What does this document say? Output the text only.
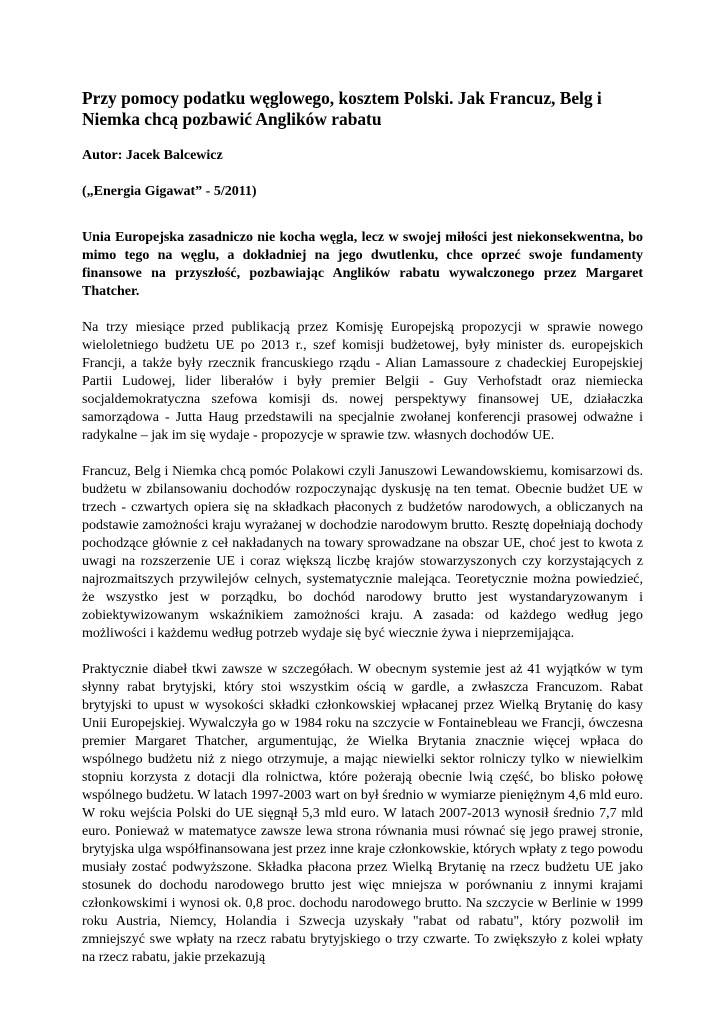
Przy pomocy podatku węglowego, kosztem Polski. Jak Francuz, Belg i Niemka chcą pozbawić Anglików rabatu

Autor: Jacek Balcewicz

(„Energia Gigawat” - 5/2011)

Unia Europejska zasadniczo nie kocha węgla, lecz w swojej miłości jest niekonsekwentna, bo mimo tego na węglu, a dokładniej na jego dwutlenku, chce oprzeć swoje fundamenty finansowe na przyszłość, pozbawiając Anglików rabatu wywalczonego przez Margaret Thatcher.

Na trzy miesiące przed publikacją przez Komisję Europejską propozycji w sprawie nowego wieloletniego budżetu UE po 2013 r., szef komisji budżetowej, były minister ds. europejskich Francji, a także były rzecznik francuskiego rządu - Alian Lamassoure z chadeckiej Europejskiej Partii Ludowej, lider liberałów i były premier Belgii - Guy Verhofstadt oraz niemiecka socjaldemokratyczna szefowa komisji ds. nowej perspektywy finansowej UE, działaczka samorządowa - Jutta Haug przedstawili na specjalnie zwołanej konferencji prasowej odważne i radykalne – jak im się wydaje - propozycje w sprawie tzw. własnych dochodów UE.

Francuz, Belg i Niemka chcą pomóc Polakowi czyli Januszowi Lewandowskiemu, komisarzowi ds. budżetu w zbilansowaniu dochodów rozpoczynając dyskusję na ten temat. Obecnie budżet UE w trzech - czwartych opiera się na składkach płaconych z budżetów narodowych, a obliczanych na podstawie zamożności kraju wyrażanej w dochodzie narodowym brutto. Resztę dopełniają dochody pochodzące głównie z ceł nakładanych na towary sprowadzane na obszar UE, choć jest to kwota z uwagi na rozszerzenie UE i coraz większą liczbę krajów stowarzyszonych czy korzystających z najrozmaitszych przywilejów celnych, systematycznie malejąca. Teoretycznie można powiedzieć, że wszystko jest w porządku, bo dochód narodowy brutto jest wystandaryzowanym i zobiektywizowanym wskaźnikiem zamożności kraju. A zasada: od każdego według jego możliwości i każdemu według potrzeb wydaje się być wiecznie żywa i nieprzemijająca.

Praktycznie diabeł tkwi zawsze w szczegółach. W obecnym systemie jest aż 41 wyjątków w tym słynny rabat brytyjski, który stoi wszystkim ością w gardle, a zwłaszcza Francuzom. Rabat brytyjski to upust w wysokości składki członkowskiej wpłacanej przez Wielką Brytanię do kasy Unii Europejskiej. Wywalczyła go w 1984 roku na szczycie w Fontainebleau we Francji, ówczesna premier Margaret Thatcher, argumentując, że Wielka Brytania znacznie więcej wpłaca do wspólnego budżetu niż z niego otrzymuje, a mając niewielki sektor rolniczy tylko w niewielkim stopniu korzysta z dotacji dla rolnictwa, które pożerają obecnie lwią część, bo blisko połowę wspólnego budżetu. W latach 1997-2003 wart on był średnio w wymiarze pieniężnym 4,6 mld euro. W roku wejścia Polski do UE sięgnął 5,3 mld euro. W latach 2007-2013 wynosił średnio 7,7 mld euro. Ponieważ w matematyce zawsze lewa strona równania musi równać się jego prawej stronie, brytyjska ulga współfinansowana jest przez inne kraje członkowskie, których wpłaty z tego powodu musiały zostać podwyższone. Składka płacona przez Wielką Brytanię na rzecz budżetu UE jako stosunek do dochodu narodowego brutto jest więc mniejsza w porównaniu z innymi krajami członkowskimi i wynosi ok. 0,8 proc. dochodu narodowego brutto. Na szczycie w Berlinie w 1999 roku Austria, Niemcy, Holandia i Szwecja uzyskały "rabat od rabatu", który pozwolił im zmniejszyć swe wpłaty na rzecz rabatu brytyjskiego o trzy czwarte. To zwiększyło z kolei wpłaty na rzecz rabatu, jakie przekazują
